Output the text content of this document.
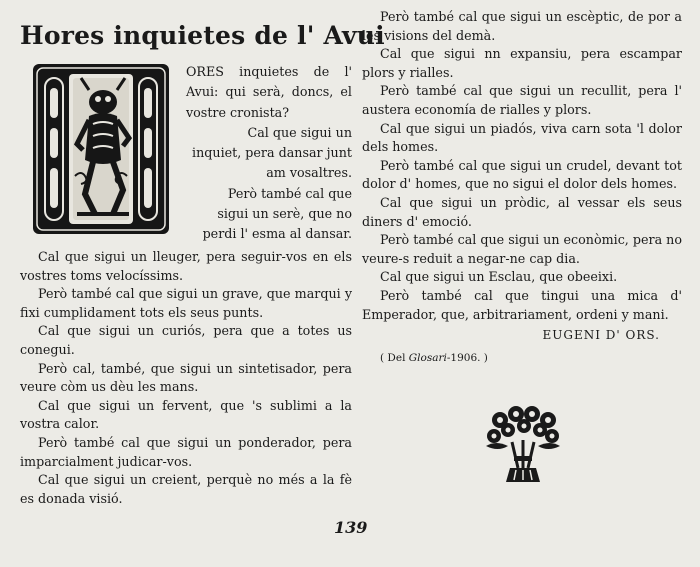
Hores inquietes de l' Avui

ORES inquietes de l' Avui: qui serà, doncs, el vostre cronista?

Cal que sigui un inquiet, pera dansar junt am vosaltres.

Però també cal que sigui un serè, que no perdi l' esma al dansar.

Cal que sigui un lleuger, pera seguir-vos en els vostres toms velocíssims.

Però també cal que sigui un grave, que marqui y fixi cumplidament tots els seus punts.

Cal que sigui un curiós, pera que a totes us conegui.

Però cal, també, que sigui un sintetisador, pera veure còm us dèu les mans.

Cal que sigui un fervent, que 's sublimi a la vostra calor.

Però també cal que sigui un ponderador, pera imparcialment judicar-vos.

Cal que sigui un creient, perquè no més a la fè es donada visió.

Però també cal que sigui un escèptic, de por a les visions del demà.

Cal que sigui nn expansiu, pera escampar plors y rialles.

Però també cal que sigui un recullit, pera l' austera economía de rialles y plors.

Cal que sigui un piadós, viva carn sota 'l dolor dels homes.

Però també cal que sigui un crudel, devant tot dolor d' homes, que no sigui el dolor dels homes.

Cal que sigui un pròdic, al vessar els seus diners d' emoció.

Però també cal que sigui un econòmic, pera no veure-s reduit a negar-ne cap dia.

Cal que sigui un Esclau, que obeeixi.

Però també cal que tingui una mica d' Emperador, que, arbitrariament, ordeni y mani.

EUGENI D' ORS.
( Del Glosari-1906. )
139
